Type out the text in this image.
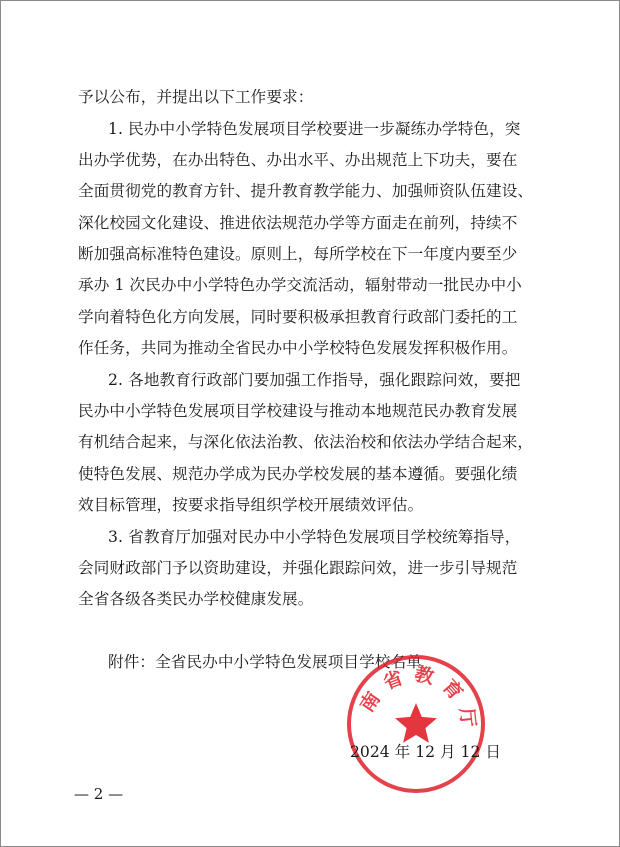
予以公布，并提出以下工作要求：
1. 民办中小学特色发展项目学校要进一步凝练办学特色，突
出办学优势，在办出特色、办出水平、办出规范上下功夫，要在
全面贯彻党的教育方针、提升教育教学能力、加强师资队伍建设、
深化校园文化建设、推进依法规范办学等方面走在前列，持续不
断加强高标准特色建设。原则上，每所学校在下一年度内要至少
承办 1 次民办中小学特色办学交流活动，辐射带动一批民办中小
学向着特色化方向发展，同时要积极承担教育行政部门委托的工
作任务，共同为推动全省民办中小学校特色发展发挥积极作用。
2. 各地教育行政部门要加强工作指导，强化跟踪问效，要把
民办中小学特色发展项目学校建设与推动本地规范民办教育发展
有机结合起来，与深化依法治教、依法治校和依法办学结合起来，
使特色发展、规范办学成为民办学校发展的基本遵循。要强化绩
效目标管理，按要求指导组织学校开展绩效评估。
3. 省教育厅加强对民办中小学特色发展项目学校统筹指导，
会同财政部门予以资助建设，并强化跟踪问效，进一步引导规范
全省各级各类民办学校健康发展。
附件：全省民办中小学特色发展项目学校名单
南省教育厅
2024 年 12 月 12 日
— 2 —
